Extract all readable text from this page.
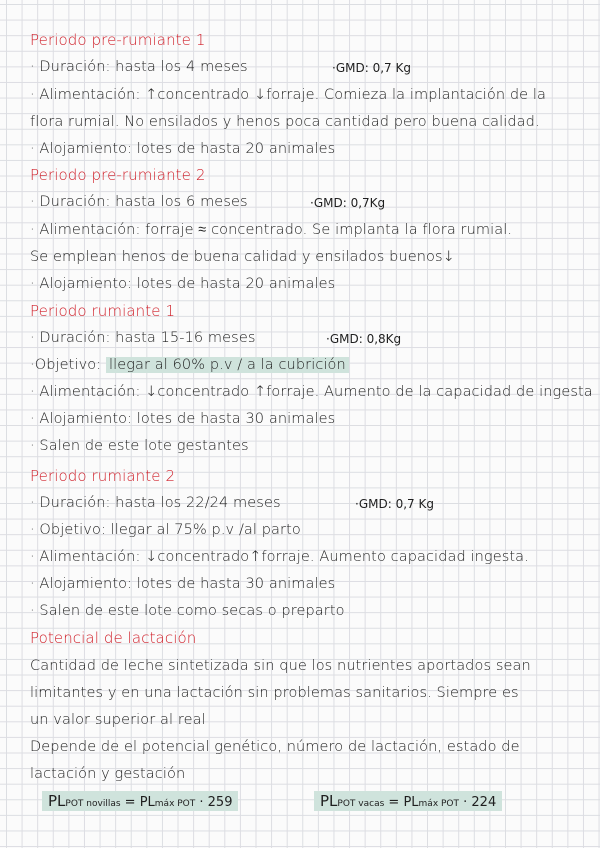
Periodo pre-rumiante 1
· Duración: hasta los 4 meses	·GMD: 0,7 Kg
· Alimentación: ↑concentrado ↓forraje. Comieza la implantación de la
flora rumial. No ensilados y henos poca cantidad pero buena calidad.
· Alojamiento: lotes de hasta 20 animales
Periodo pre-rumiante 2
· Duración: hasta los 6 meses	·GMD: 0,7Kg
· Alimentación: forraje ≈ concentrado. Se implanta la flora rumial.
Se emplean henos de buena calidad y ensilados buenos↓
· Alojamiento: lotes de hasta 20 animales
Periodo rumiante 1
· Duración: hasta 15-16 meses	·GMD: 0,8Kg
·Objetivo: llegar al 60% p.v / a la cubrición
· Alimentación: ↓concentrado ↑forraje. Aumento de la capacidad de ingesta
· Alojamiento: lotes de hasta 30 animales
· Salen de este lote gestantes
Periodo rumiante 2
· Duración: hasta los 22/24 meses	·GMD: 0,7 Kg
· Objetivo: llegar al 75% p.v /al parto
· Alimentación: ↓concentrado↑forraje. Aumento capacidad ingesta.
· Alojamiento: lotes de hasta 30 animales
· Salen de este lote como secas o preparto
Potencial de lactación
Cantidad de leche sintetizada sin que los nutrientes aportados sean
limitantes y en una lactación sin problemas sanitarios. Siempre es
un valor superior al real
Depende de el potencial genético, número de lactación, estado de
lactación y gestación
PLPOT novillas = PLmáx POT · 259	PLPOT vacas = PLmáx POT · 224
